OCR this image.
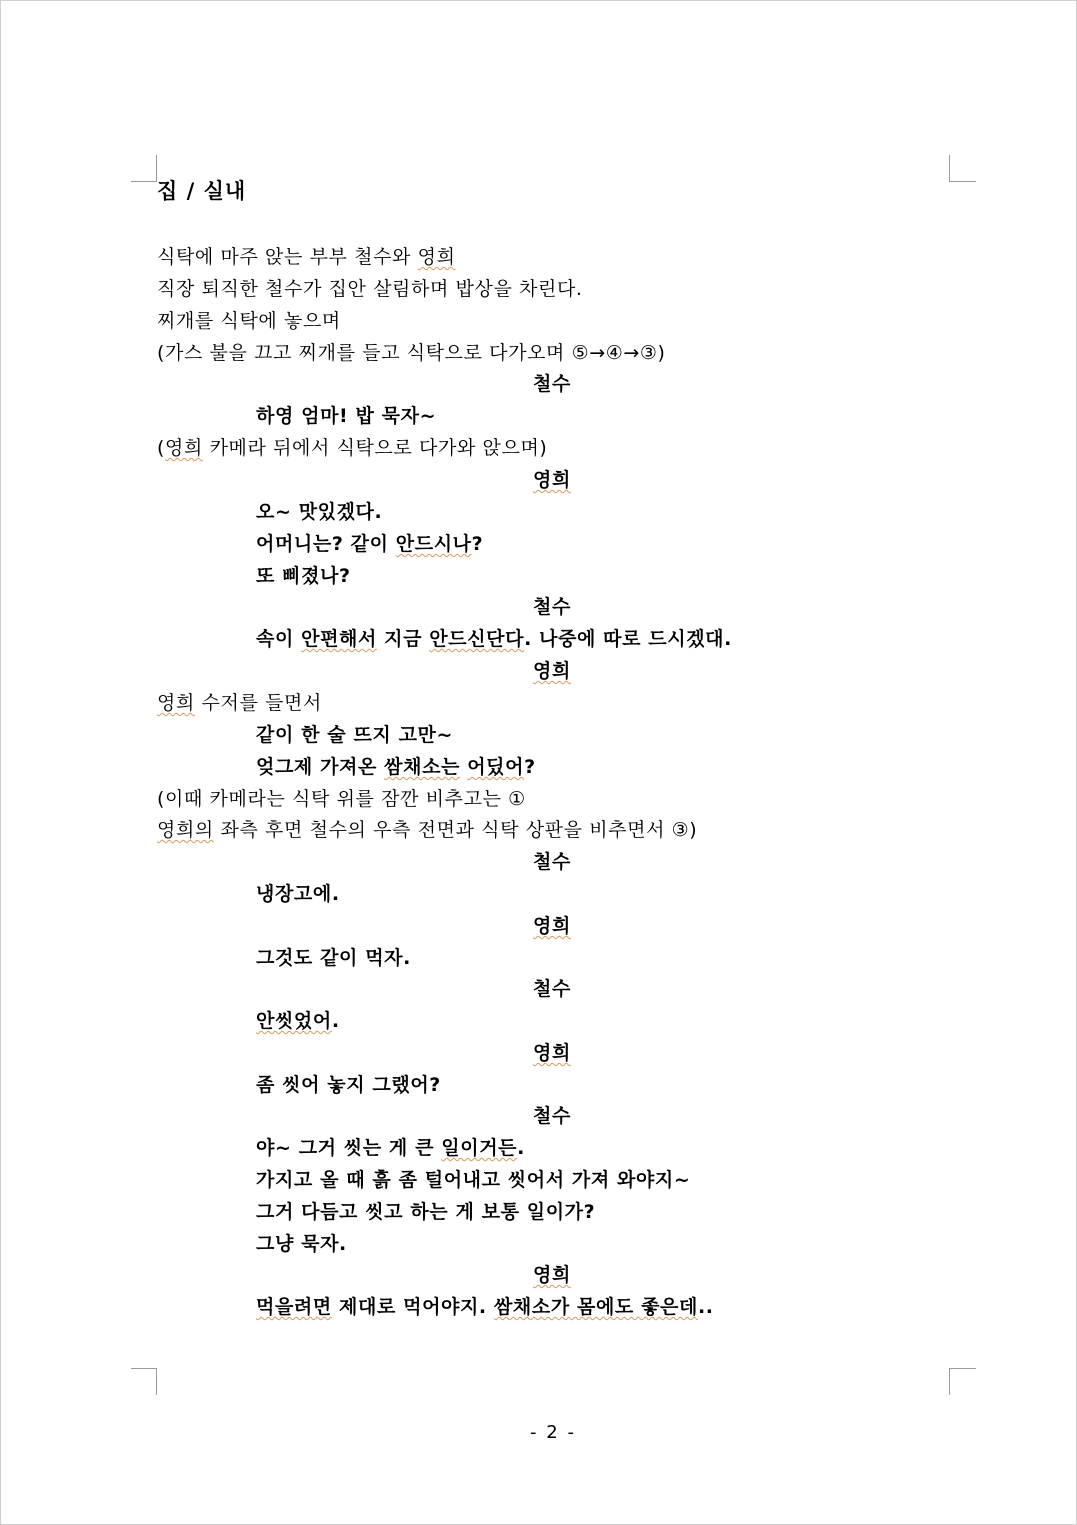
집 / 실내
식탁에 마주 앉는 부부 철수와 영희
직장 퇴직한 철수가 집안 살림하며 밥상을 차린다.
찌개를 식탁에 놓으며
(가스 불을 끄고 찌개를 들고 식탁으로 다가오며 ⑤→④→③)
철수
하영 엄마! 밥 묵자~
(영희 카메라 뒤에서 식탁으로 다가와 앉으며)
영희
오~ 맛있겠다.
어머니는? 같이 안드시나?
또 삐졌나?
철수
속이 안편해서 지금 안드신단다. 나중에 따로 드시겠대.
영희
영희 수저를 들면서
같이 한 술 뜨지 고만~
엊그제 가져온 쌈채소는 어딨어?
(이때 카메라는 식탁 위를 잠깐 비추고는 ①
영희의 좌측 후면 철수의 우측 전면과 식탁 상판을 비추면서 ③)
철수
냉장고에.
영희
그것도 같이 먹자.
철수
안씻었어.
영희
좀 씻어 놓지 그랬어?
철수
야~ 그거 씻는 게 큰 일이거든.
가지고 올 때 흙 좀 털어내고 씻어서 가져 와야지~
그거 다듬고 씻고 하는 게 보통 일이가?
그냥 묵자.
영희
먹을려면 제대로 먹어야지. 쌈채소가 몸에도 좋은데..
- 2 -
